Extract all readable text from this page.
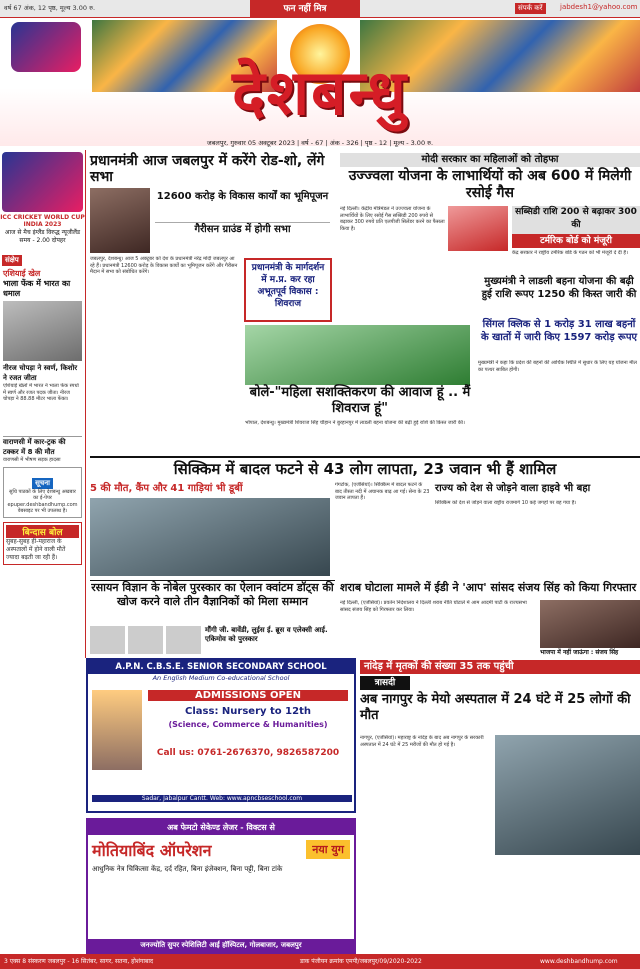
वर्ष 67 अंक, 12 पृष्ठ, मूल्य 3.00 रु.	फन नहीं मित्र	संपर्क करें	jabdesh1@yahoo.com
देशबन्धु
जबलपुर, गुरुवार 05 अक्टूबर 2023 | वर्ष - 67 | अंक - 326 | पृष्ठ - 12 | मूल्य - 3.00 रु.
ICC CRICKET WORLD CUP INDIA 2023
आज से मैच इंग्लैंड विरुद्ध न्यूजीलैंड समय - 2.00 दोपहर
संक्षेप
एशियाई खेल
भाला फेंक में भारत का धमाल
नीरज चोपड़ा ने स्वर्ण, किशोर ने रजत जीता
एशियाई खेलों में भारत ने भाला फेंक स्पर्धा में स्वर्ण और रजत पदक जीता। नीरज चोपड़ा ने 88.88 मीटर भाला फेंका।
वाराणसी में कार-ट्रक की टक्कर में 8 की मौत
वाराणसी में भीषण सड़क हादसा
सूचना
सुधि पाठकों के लिए देशबन्धु अखबार का ई-पेपर epuper.deshbandhump.com वेबसाइट पर भी उपलब्ध है।
बिन्दास बोल
सुबह-सुबह ही-महाराज के अस्पतालों में होने वाली मौतें ज्यादा बढ़ती जा रही हैं।
प्रधानमंत्री आज जबलपुर में करेंगे रोड-शो, लेंगे सभा
12600 करोड़ के विकास कार्यों का भूमिपूजन
गैरीसन ग्राउंड में होगी सभा
जबलपुर, देशबन्धु। आज 5 अक्टूबर को देश के प्रधानमंत्री नरेंद्र मोदी जबलपुर आ रहे हैं। प्रधानमंत्री 12600 करोड़ के विकास कार्यों का भूमिपूजन करेंगे और गैरीसन मैदान में सभा को संबोधित करेंगे।	प्रधानमंत्री के मार्गदर्शन में म.प्र. कर रहा अभूतपूर्व विकास : शिवराज
मोदी सरकार का महिलाओं को तोहफा
उज्ज्वला योजना के लाभार्थियों को अब 600 में मिलेगी रसोई गैस
नई दिल्ली। केंद्रीय मंत्रिमंडल ने उज्ज्वला योजना के लाभार्थियों के लिए रसोई गैस सब्सिडी 200 रुपये से बढ़ाकर 300 रुपये प्रति एलपीजी सिलेंडर करने का फैसला किया है।
सब्सिडी राशि 200 से बढ़ाकर 300 की
टर्मरिक बोर्ड को मंजूरी
केंद्र सरकार ने राष्ट्रीय टर्मरिक बोर्ड के गठन को भी मंजूरी दे दी है।
मुख्यमंत्री ने लाडली बहना योजना की बढ़ी हुई राशि रूपए 1250 की किस्त जारी की
सिंगल क्लिक से 1 करोड़ 31 लाख बहनों के खातों में जारी किए 1597 करोड़ रूपए
बोले-"महिला सशक्तिकरण की आवाज हूं .. मैं शिवराज हूं"
भोपाल, देशबन्धु। मुख्यमंत्री शिवराज सिंह चौहान ने बुरहानपुर में लाडली बहना योजना की बढ़ी हुई राशि की किस्त जारी की।
मुख्यमंत्री ने कहा कि प्रदेश की बहनों की आर्थिक स्थिति में सुधार के लिए यह योजना मील का पत्थर साबित होगी।
सिक्किम में बादल फटने से 43 लोग लापता, 23 जवान भी हैं शामिल
5 की मौत, कैंप और 41 गाड़ियां भी डूबीं	गंगटोक, (एजेंसियां)। सिक्किम में बादल फटने के बाद तीस्ता नदी में अचानक बाढ़ आ गई। सेना के 23 जवान लापता हैं।
राज्य को देश से जोड़ने वाला हाइवे भी बहा
सिक्किम को देश से जोड़ने वाला राष्ट्रीय राजमार्ग 10 कई जगहों पर बह गया है।
रसायन विज्ञान के नोबेल पुरस्कार का ऐलान क्वांटम डॉट्स की खोज करने वाले तीन वैज्ञानिकों को मिला सम्मान
मौंगी जी. बावेंडी, लुईस ई. ब्रूस व एलेक्सी आई. एकिमोव को पुरस्कार
शराब घोटाला मामले में ईडी ने 'आप' सांसद संजय सिंह को किया गिरफ्तार
नई दिल्ली, (एजेंसियां)। प्रवर्तन निदेशालय ने दिल्ली शराब नीति घोटाले में आम आदमी पार्टी के राज्यसभा सांसद संजय सिंह को गिरफ्तार कर लिया।
भाजपा में नहीं जाऊंगा : संजय सिंह
नांदेड़ में मृतकों की संख्या 35 तक पहुंची
त्रासदी
अब नागपुर के मेयो अस्पताल में 24 घंटे में 25 लोगों की मौत
नागपुर, (एजेंसियां)। महाराष्ट्र के नांदेड़ के बाद अब नागपुर के सरकारी अस्पताल में 24 घंटे में 25 मरीजों की मौत हो गई है।
A.P.N. C.B.S.E. SENIOR SECONDARY SCHOOL
An English Medium Co-educational School
ADMISSIONS OPEN
Class: Nursery to 12th
(Science, Commerce & Humanities)
Call us: 0761-2676370, 9826587200
Sadar, Jabalpur Cantt. Web: www.apncbseschool.com
अब फेमटो सेकेण्ड लेजर - विक्टस से
मोतियाबिंद ऑपरेशन	नया युग
आधुनिक नेत्र चिकित्सा केंद्र, दर्द रहित, बिना इंजेक्शन, बिना पट्टी, बिना टांके
जनज्योति सुपर स्पेशिलिटी आई हॉस्पिटल, गोलबाजार, जबलपुर
3 एक्स 8 संस्करण जबलपुर - 16 सितंबर, सागर, सतना, होशंगाबाद	डाक पंजीयन क्रमांक एमपी/जबलपुर/09/2020-2022	www.deshbandhump.com
